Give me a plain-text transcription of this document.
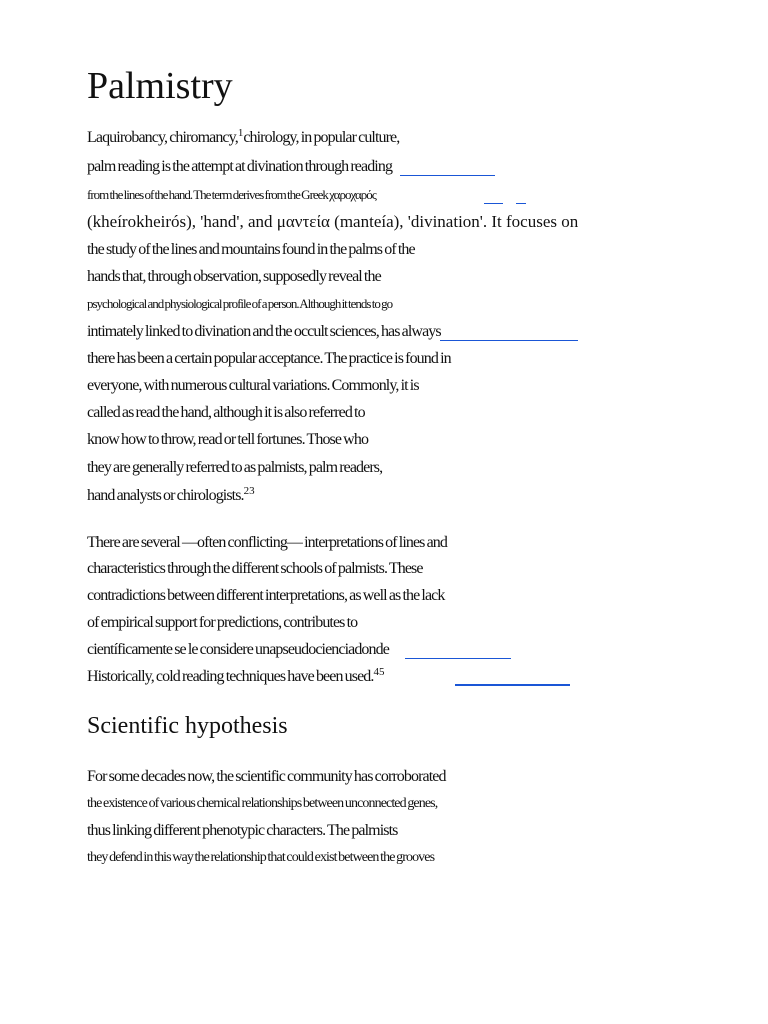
Palmistry
Laquirobancy, chiromancy,$^1$chirology, in popular culture,
palm reading is the attempt at divination through reading
from the lines of the hand. The term derives from the Greek χαροχαρός
(kheírokheirós), 'hand', and μαντεία (manteía), 'divination'. It focuses on
the study of the lines and mountains found in the palms of the
hands that, through observation, supposedly reveal the
psychological and physiological profile of a person. Although it tends to go
intimately linked to divination and the occult sciences, has always
there has been a certain popular acceptance. The practice is found in
everyone, with numerous cultural variations. Commonly, it is
called as read the hand, although it is also referred to
know how to throw, read or tell fortunes. Those who
they are generally referred to as palmists, palm readers,
hand analysts or chirologists.$^{23}$
There are several —often conflicting— interpretations of lines and
characteristics through the different schools of palmists. These
contradictions between different interpretations, as well as the lack
of empirical support for predictions, contributes to
científicamente se le considere unapseudocienciadonde
Historically, cold reading techniques have been used.$^{45}$
Scientific hypothesis
For some decades now, the scientific community has corroborated
the existence of various chemical relationships between unconnected genes,
thus linking different phenotypic characters. The palmists
they defend in this way the relationship that could exist between the grooves
